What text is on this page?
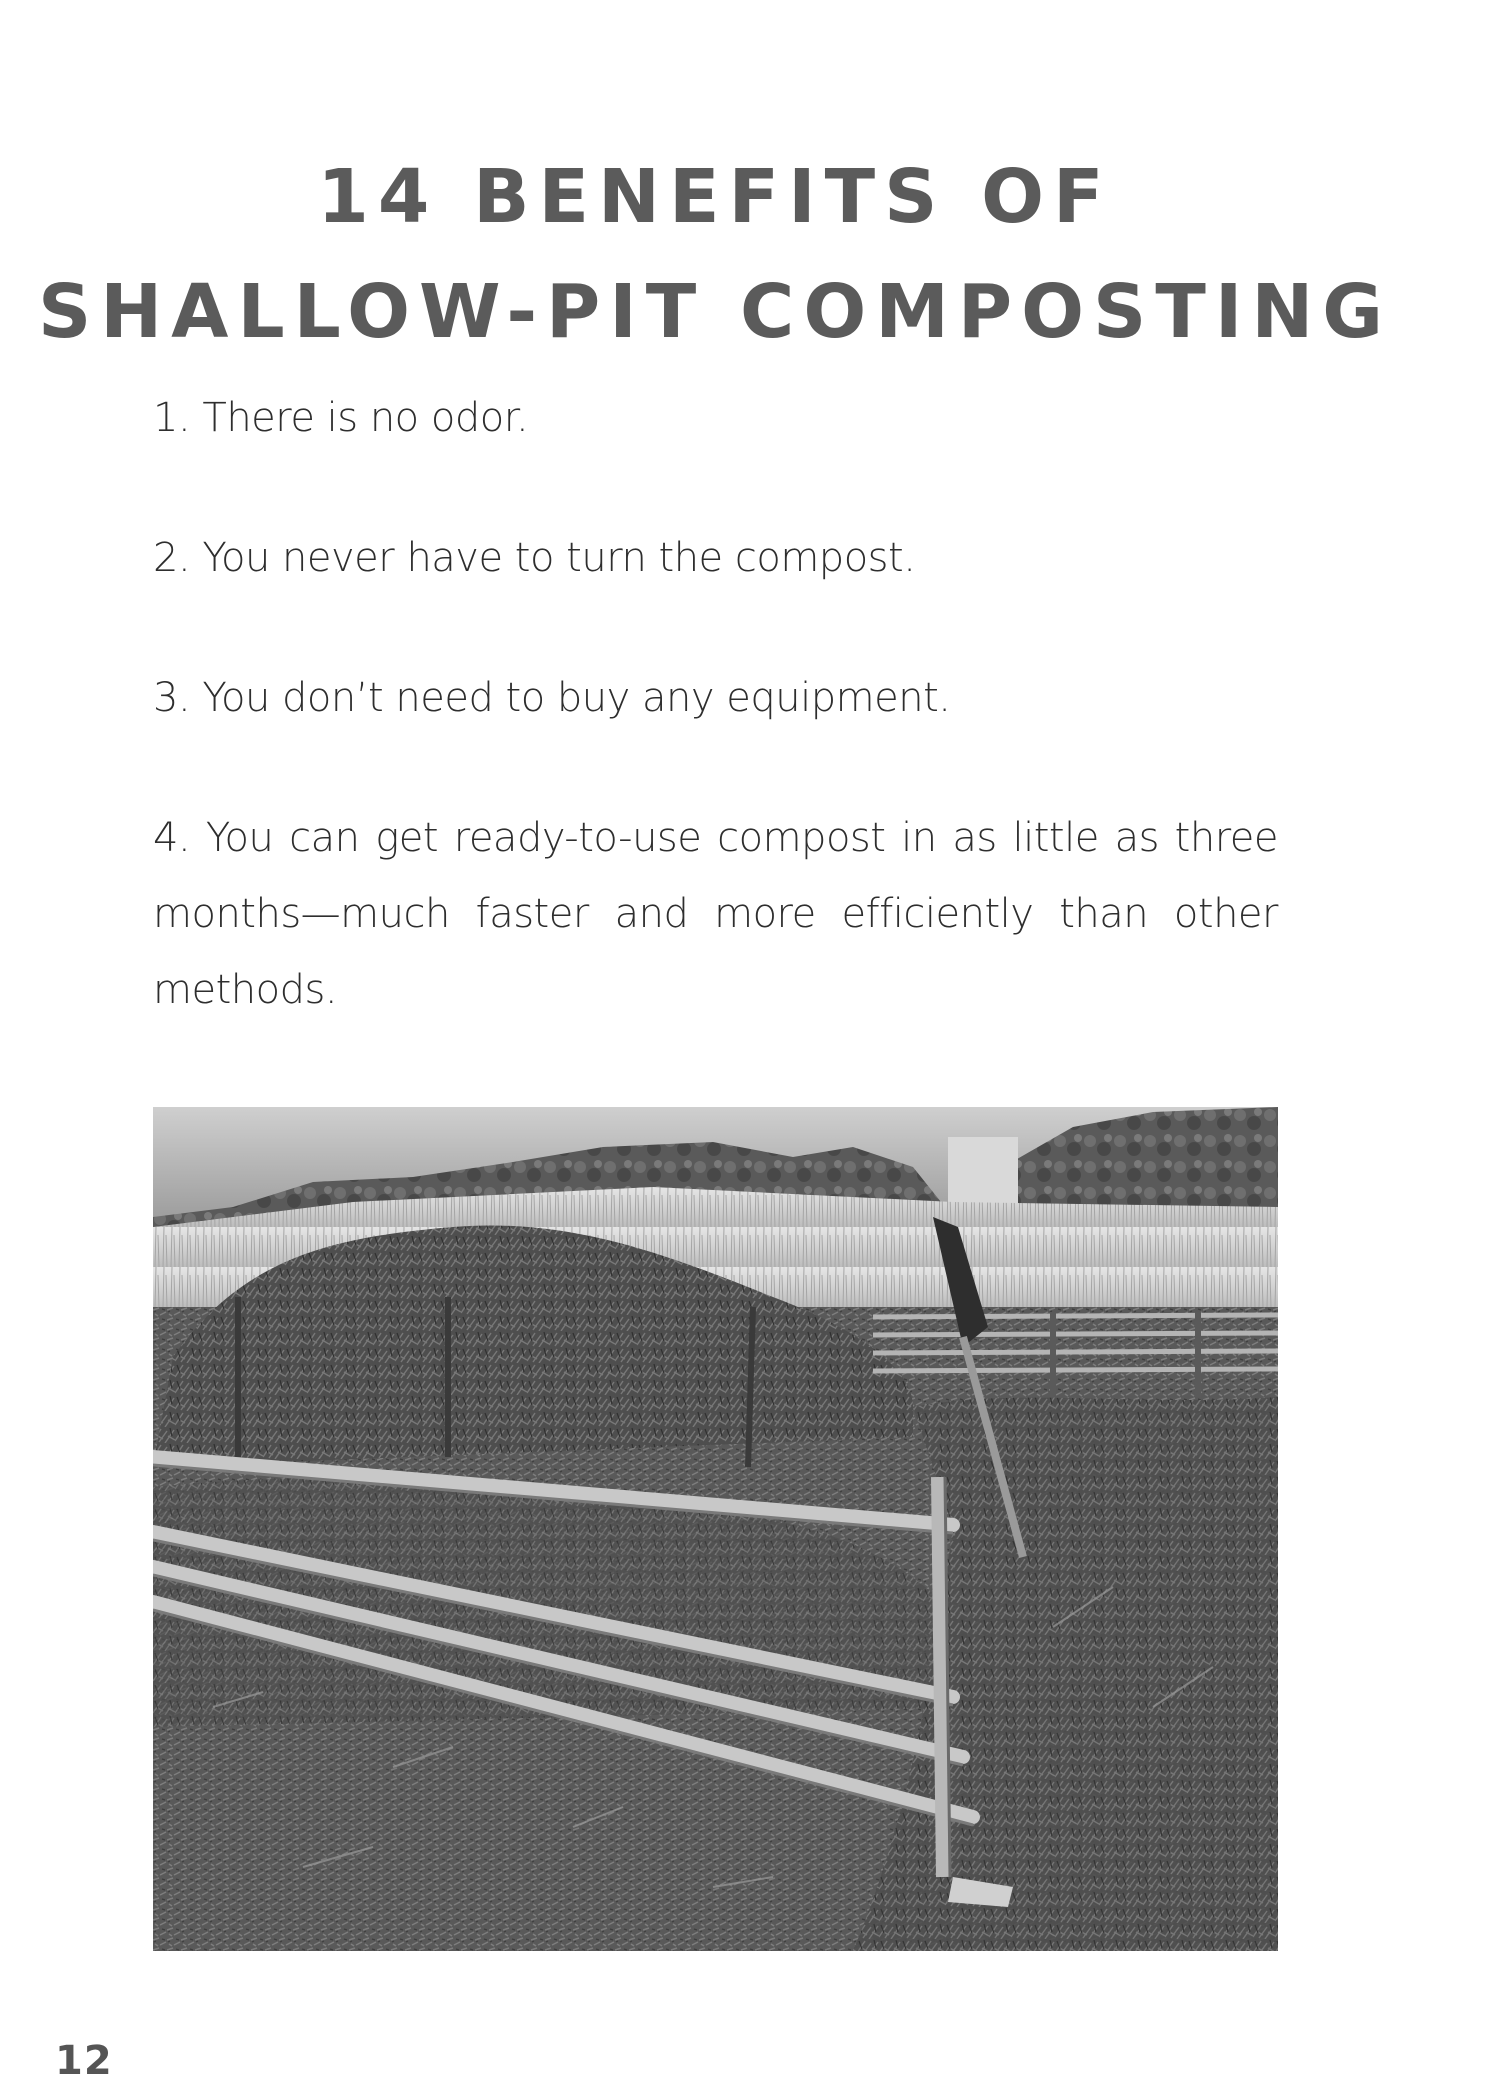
14 BENEFITS OF
SHALLOW-PIT COMPOSTING

1. There is no odor.

2. You never have to turn the compost.

3. You don’t need to buy any equipment.

4. You can get ready-to-use compost in as little as three months—much faster and more efficiently than other methods.

12
